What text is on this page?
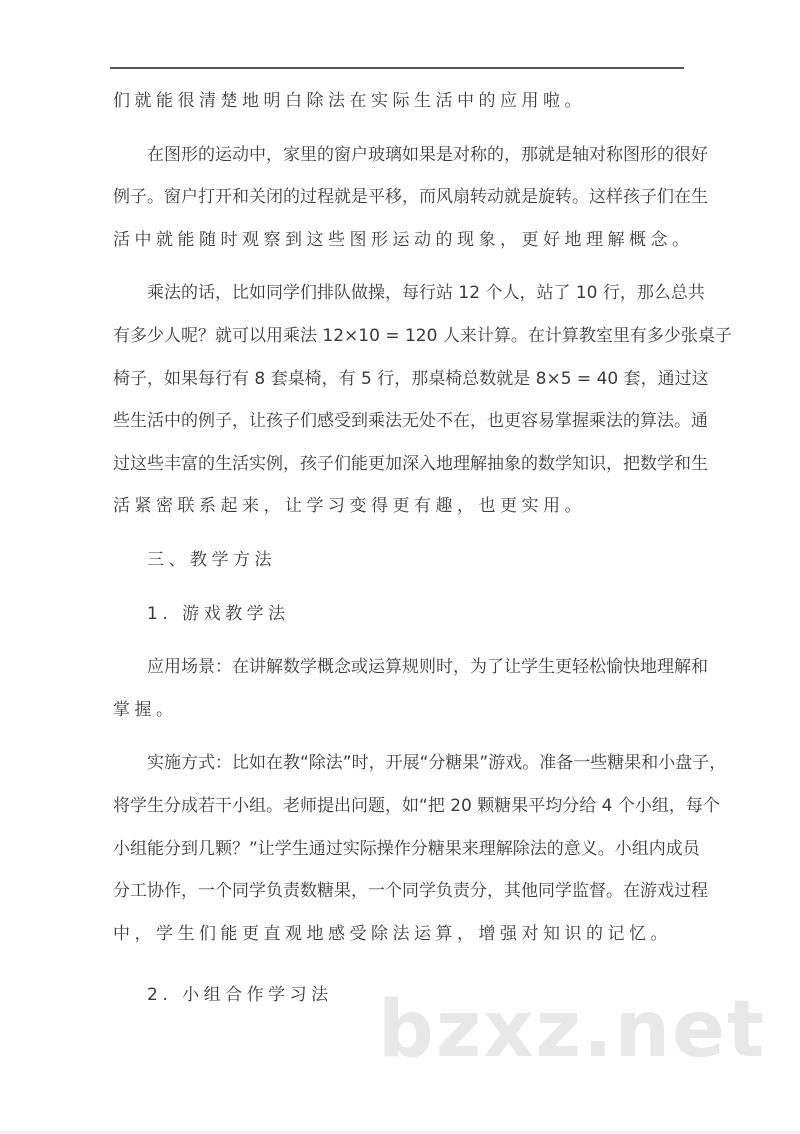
们就能很清楚地明白除法在实际生活中的应用啦。
在图形的运动中，家里的窗户玻璃如果是对称的，那就是轴对称图形的很好
例子。窗户打开和关闭的过程就是平移，而风扇转动就是旋转。这样孩子们在生
活中就能随时观察到这些图形运动的现象，更好地理解概念。
乘法的话，比如同学们排队做操，每行站 12 个人，站了 10 行，那么总共
有多少人呢？就可以用乘法 12×10 = 120 人来计算。在计算教室里有多少张桌子
椅子，如果每行有 8 套桌椅，有 5 行，那桌椅总数就是 8×5 = 40 套，通过这
些生活中的例子，让孩子们感受到乘法无处不在，也更容易掌握乘法的算法。通
过这些丰富的生活实例，孩子们能更加深入地理解抽象的数学知识，把数学和生
活紧密联系起来，让学习变得更有趣，也更实用。
三、教学方法
1. 游戏教学法
应用场景：在讲解数学概念或运算规则时，为了让学生更轻松愉快地理解和
掌握。
实施方式：比如在教“除法”时，开展“分糖果”游戏。准备一些糖果和小盘子，
将学生分成若干小组。老师提出问题，如“把 20 颗糖果平均分给 4 个小组，每个
小组能分到几颗？”让学生通过实际操作分糖果来理解除法的意义。小组内成员
分工协作，一个同学负责数糖果，一个同学负责分，其他同学监督。在游戏过程
中，学生们能更直观地感受除法运算，增强对知识的记忆。
2. 小组合作学习法 bzxz.net
